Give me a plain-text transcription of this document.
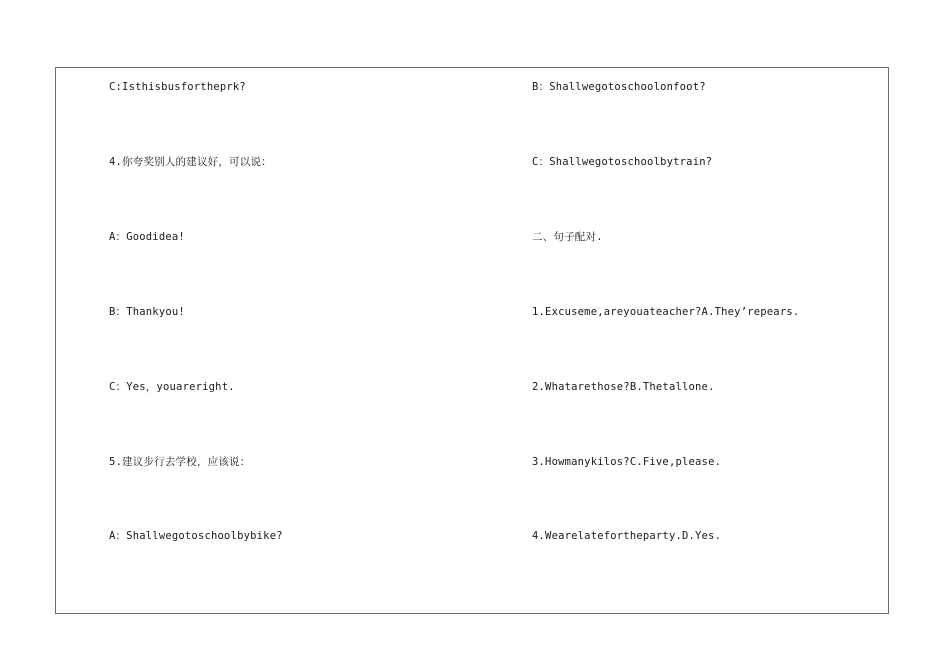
C:Isthisbusfortheprk?
4.你夸奖别人的建议好，可以说：
A：Goodidea!
B：Thankyou!
C：Yes，youareright.
5.建议步行去学校，应该说：
A：Shallwegotoschoolbybike?
B：Shallwegotoschoolonfoot?
C：Shallwegotoschoolbytrain?
二、句子配对.
1.Excuseme,areyouateacher?A.They’repears.
2.Whatarethose?B.Thetallone.
3.Howmanykilos?C.Five,please.
4.Wearelatefortheparty.D.Yes.
